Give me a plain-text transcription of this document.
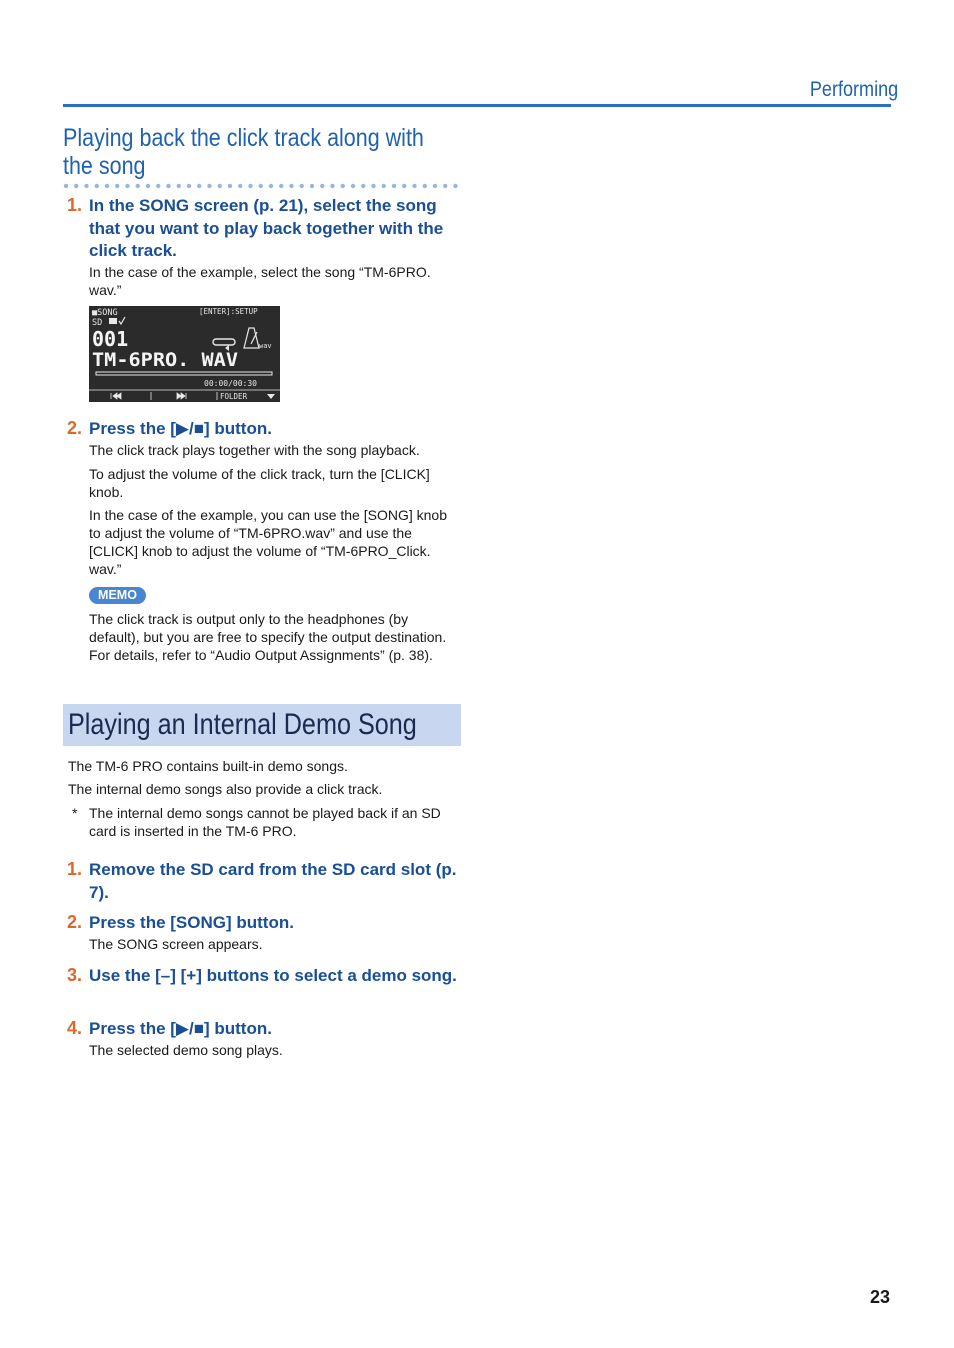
Performing
Playing back the click track along with the song
1. In the SONG screen (p. 21), select the song that you want to play back together with the click track.
In the case of the example, select the song “TM-6PRO. wav.”
■SONG	[ENTER]:SETUP
SD
001	wav
TM-6PRO. WAV
00:00/00:30
FOLDER
2. Press the [▶/■] button.
The click track plays together with the song playback.
To adjust the volume of the click track, turn the [CLICK] knob.
In the case of the example, you can use the [SONG] knob to adjust the volume of “TM-6PRO.wav” and use the [CLICK] knob to adjust the volume of “TM-6PRO_Click. wav.”
MEMO
The click track is output only to the headphones (by default), but you are free to specify the output destination. For details, refer to “Audio Output Assignments” (p. 38).
Playing an Internal Demo Song
The TM-6 PRO contains built-in demo songs.
The internal demo songs also provide a click track.
* The internal demo songs cannot be played back if an SD card is inserted in the TM-6 PRO.
1. Remove the SD card from the SD card slot (p. 7).
2. Press the [SONG] button.
The SONG screen appears.
3. Use the [–] [+] buttons to select a demo song.
4. Press the [▶/■] button.
The selected demo song plays.
23
